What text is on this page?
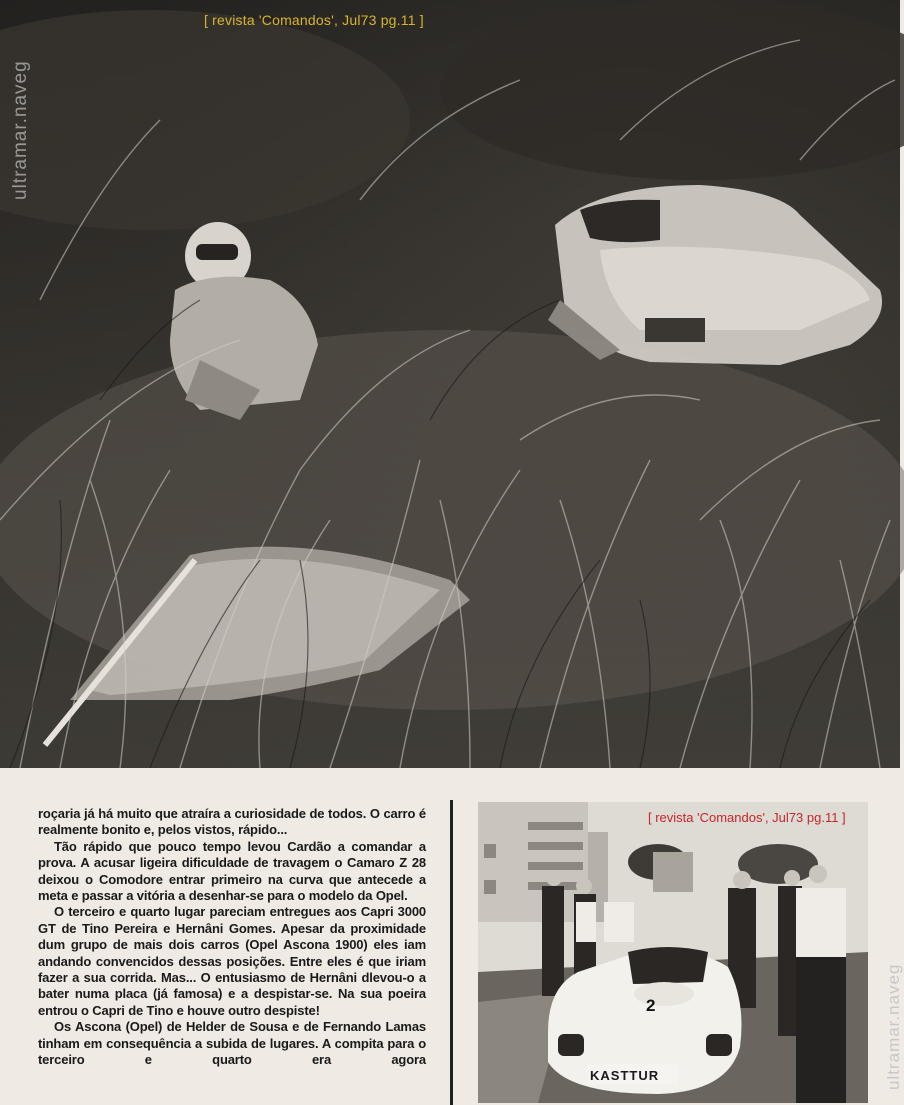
[ revista 'Comandos', Jul73 pg.11 ]
ultramar.naveg

roçaria já há muito que atraíra a curiosidade de todos. O carro é realmente bonito e, pelos vistos, rápido...

Tão rápido que pouco tempo levou Cardão a comandar a prova. A acusar ligeira dificuldade de travagem o Camaro Z 28 deixou o Comodore entrar primeiro na curva que antecede a meta e passar a vitória a desenhar-se para o modelo da Opel.

O terceiro e quarto lugar pareciam entregues aos Capri 3000 GT de Tino Pereira e Hernâni Gomes. Apesar da proximidade dum grupo de mais dois carros (Opel Ascona 1900) eles iam andando convencidos dessas posições. Entre eles é que iriam fazer a sua corrida. Mas... O entusiasmo de Hernâni dlevou-o a bater numa placa (já famosa) e a despistar-se. Na sua poeira entrou o Capri de Tino e houve outro despiste!

Os Ascona (Opel) de Helder de Sousa e de Fernando Lamas tinham em consequência a subida de lugares. A compita para o terceiro e quarto era agora

2
KASTTUR
[ revista 'Comandos', Jul73 pg.11 ]
ultramar.naveg
